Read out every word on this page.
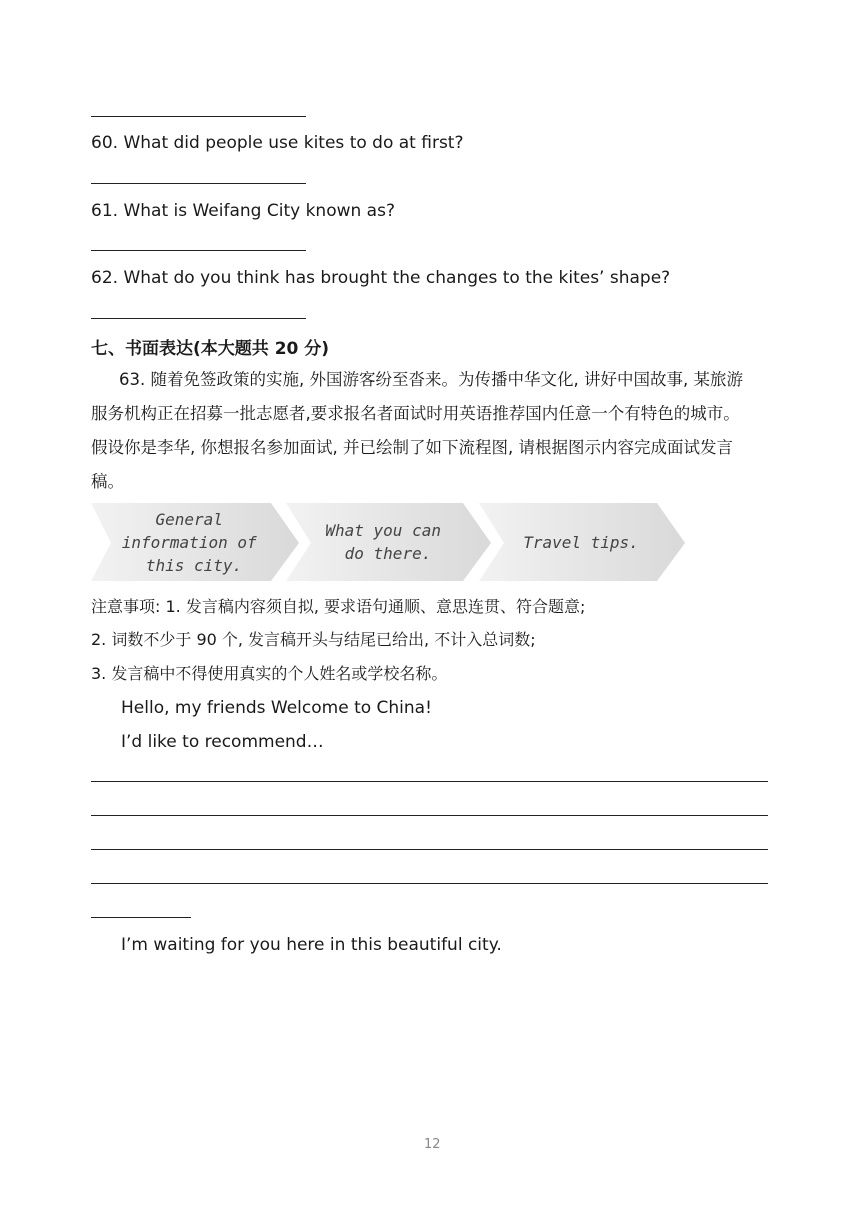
60. What did people use kites to do at first?
61. What is Weifang City known as?
62. What do you think has brought the changes to the kites’ shape?
七、书面表达(本大题共 20 分)
63. 随着免签政策的实施, 外国游客纷至沓来。为传播中华文化, 讲好中国故事, 某旅游
服务机构正在招募一批志愿者,要求报名者面试时用英语推荐国内任意一个有特色的城市。
假设你是李华, 你想报名参加面试, 并已绘制了如下流程图, 请根据图示内容完成面试发言
稿。
General information of this city.
What you can do there.
Travel tips.
注意事项: 1. 发言稿内容须自拟, 要求语句通顺、意思连贯、符合题意;
2. 词数不少于 90 个, 发言稿开头与结尾已给出, 不计入总词数;
3. 发言稿中不得使用真实的个人姓名或学校名称。
Hello, my friends Welcome to China!
I’d like to recommend…
I’m waiting for you here in this beautiful city.
12
